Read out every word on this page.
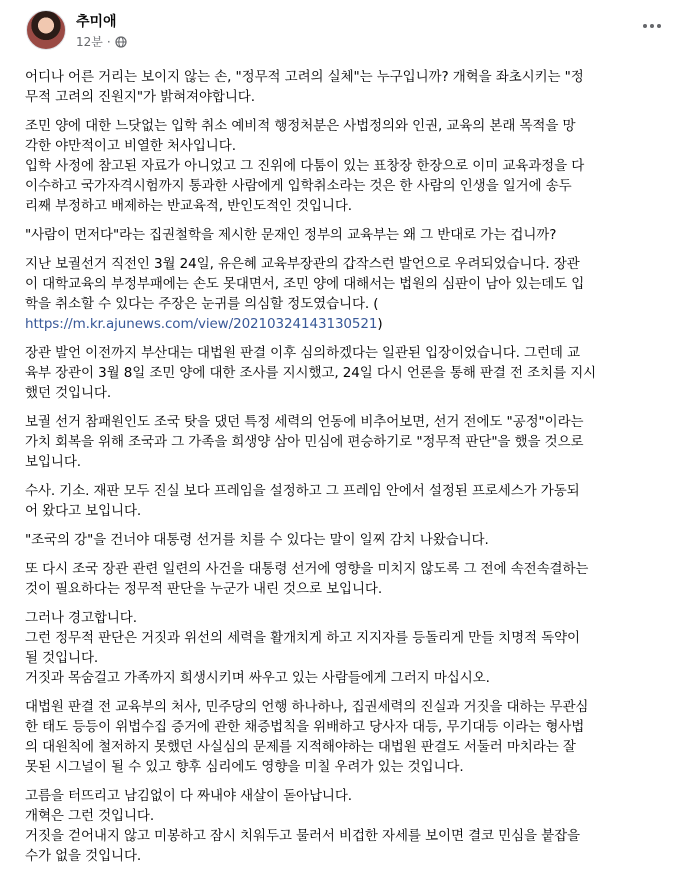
추미애
12분 ·

어디나 어른 거리는 보이지 않는 손, "정무적 고려의 실체"는 누구입니까? 개혁을 좌초시키는 "정
무적 고려의 진원지"가 밝혀져야합니다.

조민 양에 대한 느닷없는 입학 취소 예비적 행정처분은 사법정의와 인권, 교육의 본래 목적을 망
각한 야만적이고 비열한 처사입니다.
입학 사정에 참고된 자료가 아니었고 그 진위에 다툼이 있는 표창장 한장으로 이미 교육과정을 다
이수하고 국가자격시험까지 통과한 사람에게 입학취소라는 것은 한 사람의 인생을 일거에 송두
리째 부정하고 배제하는 반교육적, 반인도적인 것입니다.

"사람이 먼저다"라는 집권철학을 제시한 문재인 정부의 교육부는 왜 그 반대로 가는 겁니까?

지난 보궐선거 직전인 3월 24일, 유은혜 교육부장관의 갑작스런 발언으로 우려되었습니다. 장관
이 대학교육의 부정부패에는 손도 못대면서, 조민 양에 대해서는 법원의 심판이 남아 있는데도 입
학을 취소할 수 있다는 주장은 눈귀를 의심할 정도였습니다. (
https://m.kr.ajunews.com/view/20210324143130521)

장관 발언 이전까지 부산대는 대법원 판결 이후 심의하겠다는 일관된 입장이었습니다. 그런데 교
육부 장관이 3월 8일 조민 양에 대한 조사를 지시했고, 24일 다시 언론을 통해 판결 전 조치를 지시
했던 것입니다.

보궐 선거 참패원인도 조국 탓을 댔던 특정 세력의 언동에 비추어보면, 선거 전에도 "공정"이라는
가치 회복을 위해 조국과 그 가족을 희생양 삼아 민심에 편승하기로 "정무적 판단"을 했을 것으로
보입니다.

수사. 기소. 재판 모두 진실 보다 프레임을 설정하고 그 프레임 안에서 설정된 프로세스가 가동되
어 왔다고 보입니다.

"조국의 강"을 건너야 대통령 선거를 치를 수 있다는 말이 일찌 감치 나왔습니다.

또 다시 조국 장관 관련 일련의 사건을 대통령 선거에 영향을 미치지 않도록 그 전에 속전속결하는
것이 필요하다는 정무적 판단을 누군가 내린 것으로 보입니다.

그러나 경고합니다.
그런 정무적 판단은 거짓과 위선의 세력을 활개치게 하고 지지자를 등돌리게 만들 치명적 독약이
될 것입니다.
거짓과 목숨걸고 가족까지 희생시키며 싸우고 있는 사람들에게 그러지 마십시오.

대법원 판결 전 교육부의 처사, 민주당의 언행 하나하나, 집권세력의 진실과 거짓을 대하는 무관심
한 태도 등등이 위법수집 증거에 관한 채증법칙을 위배하고 당사자 대등, 무기대등 이라는 형사법
의 대원칙에 철저하지 못했던 사실심의 문제를 지적해야하는 대법원 판결도 서둘러 마치라는 잘
못된 시그널이 될 수 있고 향후 심리에도 영향을 미칠 우려가 있는 것입니다.

고름을 터뜨리고 남김없이 다 짜내야 새살이 돋아납니다.
개혁은 그런 것입니다.
거짓을 걷어내지 않고 미봉하고 잠시 치워두고 물러서 비겁한 자세를 보이면 결코 민심을 붙잡을
수가 없을 것입니다.
